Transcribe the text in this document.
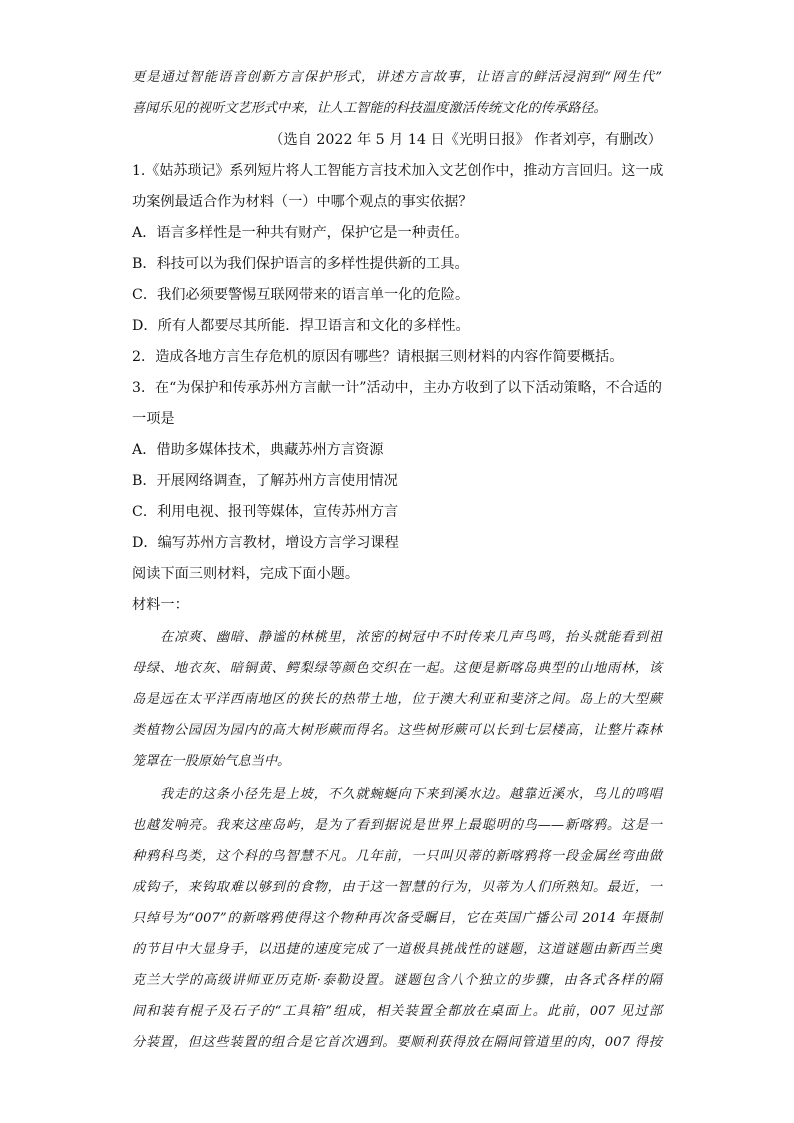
更是通过智能语音创新方言保护形式，讲述方言故事，让语言的鲜活浸润到“网生代”
喜闻乐见的视听文艺形式中来，让人工智能的科技温度激活传统文化的传承路径。
（选自 2022 年 5 月 14 日《光明日报》 作者刘亭，有删改）
1.《姑苏琐记》系列短片将人工智能方言技术加入文艺创作中，推动方言回归。这一成
功案例最适合作为材料（一）中哪个观点的事实依据？
A．语言多样性是一种共有财产，保护它是一种责任。
B．科技可以为我们保护语言的多样性提供新的工具。
C．我们必须要警惕互联网带来的语言单一化的危险。
D．所有人都要尽其所能．捍卫语言和文化的多样性。
2．造成各地方言生存危机的原因有哪些？请根据三则材料的内容作简要概括。
3．在“为保护和传承苏州方言献一计”活动中，主办方收到了以下活动策略，不合适的
一项是
A．借助多媒体技术，典藏苏州方言资源
B．开展网络调查，了解苏州方言使用情况
C．利用电视、报刊等媒体，宣传苏州方言
D．编写苏州方言教材，增设方言学习课程
阅读下面三则材料，完成下面小题。
材料一：
在凉爽、幽暗、静谧的林桃里，浓密的树冠中不时传来几声鸟鸣，抬头就能看到祖
母绿、地衣灰、暗铜黄、鳄梨绿等颜色交织在一起。这便是新喀岛典型的山地雨林，该
岛是远在太平洋西南地区的狭长的热带土地，位于澳大利亚和斐济之间。岛上的大型蕨
类植物公园因为园内的高大树形蕨而得名。这些树形蕨可以长到七层楼高，让整片森林
笼罩在一股原始气息当中。
我走的这条小径先是上坡，不久就蜿蜒向下来到溪水边。越靠近溪水，鸟儿的鸣唱
也越发响亮。我来这座岛屿，是为了看到据说是世界上最聪明的鸟——新喀鸦。这是一
种鸦科鸟类，这个科的鸟智慧不凡。几年前，一只叫贝蒂的新喀鸦将一段金属丝弯曲做
成钩子，来钩取难以够到的食物，由于这一智慧的行为，贝蒂为人们所熟知。最近，一
只绰号为“007”的新喀鸦使得这个物种再次备受瞩目，它在英国广播公司 2014 年摄制
的节目中大显身手，以迅捷的速度完成了一道极具挑战性的谜题，这道谜题由新西兰奥
克兰大学的高级讲师亚历克斯·泰勒设置。谜题包含八个独立的步骤，由各式各样的隔
间和装有棍子及石子的“工具箱”组成，相关装置全都放在桌面上。此前，007 见过部
分装置，但这些装置的组合是它首次遇到。要顺利获得放在隔间管道里的肉，007 得按
